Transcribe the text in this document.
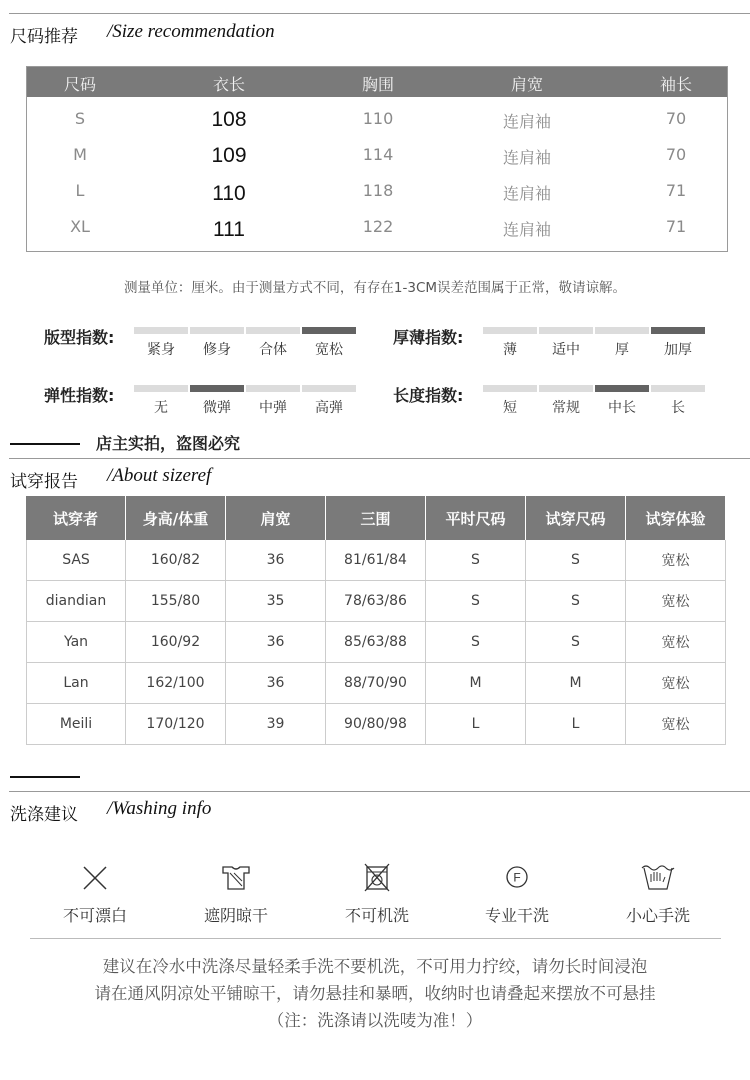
尺码推荐 /Size recommendation
尺码	衣长	胸围	肩宽	袖长
S	108	110	连肩袖	70
M	109	114	连肩袖	70
L	110	118	连肩袖	71
XL	111	122	连肩袖	71
测量单位：厘米。由于测量方式不同，有存在1-3CM误差范围属于正常，敬请谅解。
版型指数:
紧身	修身	合体	宽松
厚薄指数:
薄	适中	厚	加厚
弹性指数:
无	微弹	中弹	高弹
长度指数:
短	常规	中长	长
店主实拍，盗图必究
试穿报告 /About sizeref
试穿者	身高/体重	肩宽	三围	平时尺码	试穿尺码	试穿体验
SAS	160/82	36	81/61/84	S	S	宽松
diandian	155/80	35	78/63/86	S	S	宽松
Yan	160/92	36	85/63/88	S	S	宽松
Lan	162/100	36	88/70/90	M	M	宽松
Meili	170/120	39	90/80/98	L	L	宽松
洗涤建议 /Washing info
F
不可漂白	遮阴晾干	不可机洗	专业干洗	小心手洗
建议在冷水中洗涤尽量轻柔手洗不要机洗，不可用力拧绞，请勿长时间浸泡
请在通风阴凉处平铺晾干，请勿悬挂和暴晒，收纳时也请叠起来摆放不可悬挂
（注：洗涤请以洗唛为准！）
